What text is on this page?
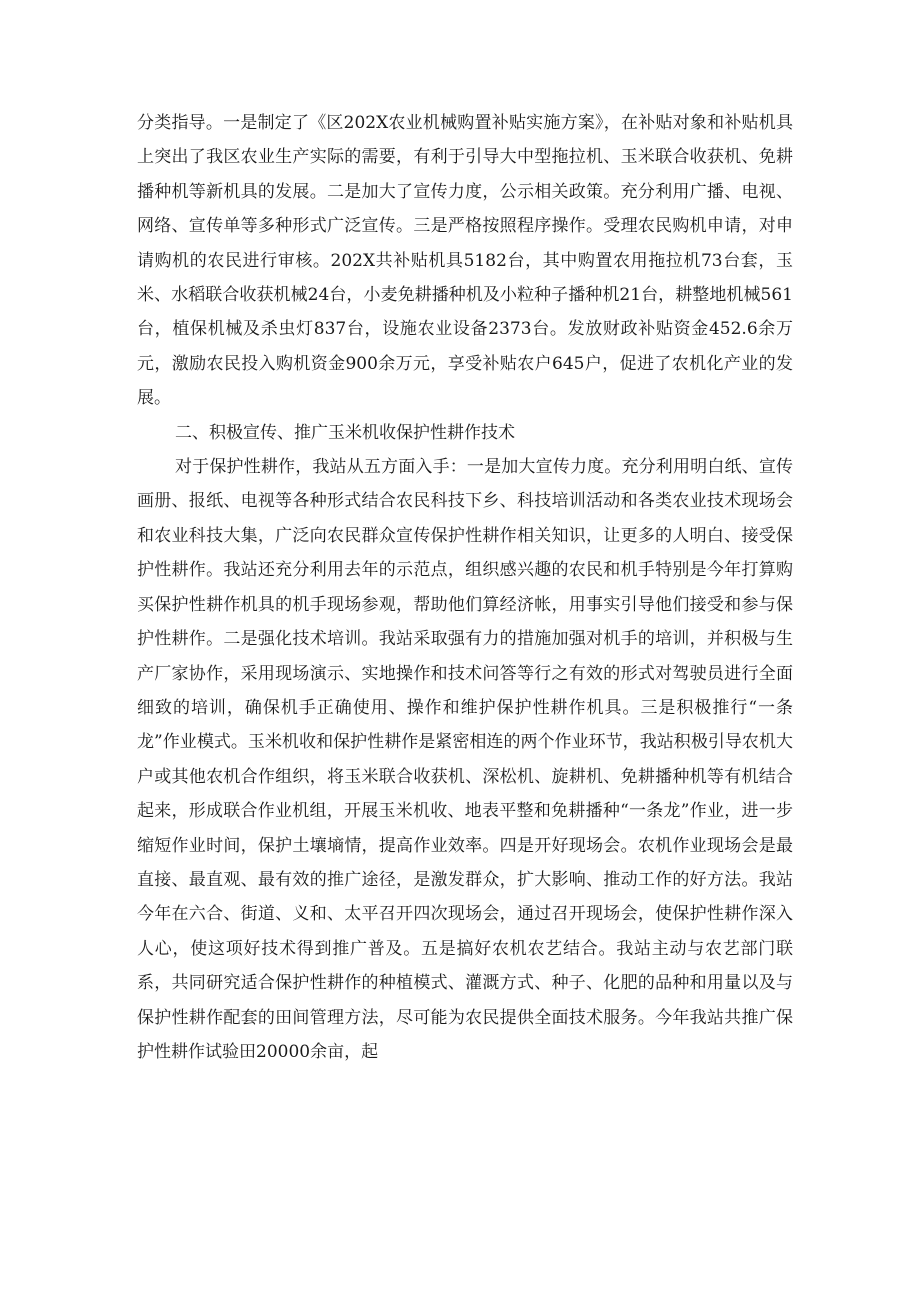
分类指导。一是制定了《区202X农业机械购置补贴实施方案》，在补贴对象和补贴机具上突出了我区农业生产实际的需要，有利于引导大中型拖拉机、玉米联合收获机、免耕播种机等新机具的发展。二是加大了宣传力度，公示相关政策。充分利用广播、电视、网络、宣传单等多种形式广泛宣传。三是严格按照程序操作。受理农民购机申请，对申请购机的农民进行审核。202X共补贴机具5182台，其中购置农用拖拉机73台套，玉米、水稻联合收获机械24台，小麦免耕播种机及小粒种子播种机21台，耕整地机械561台，植保机械及杀虫灯837台，设施农业设备2373台。发放财政补贴资金452.6余万元，激励农民投入购机资金900余万元，享受补贴农户645户，促进了农机化产业的发展。

二、积极宣传、推广玉米机收保护性耕作技术

对于保护性耕作，我站从五方面入手：一是加大宣传力度。充分利用明白纸、宣传画册、报纸、电视等各种形式结合农民科技下乡、科技培训活动和各类农业技术现场会和农业科技大集，广泛向农民群众宣传保护性耕作相关知识，让更多的人明白、接受保护性耕作。我站还充分利用去年的示范点，组织感兴趣的农民和机手特别是今年打算购买保护性耕作机具的机手现场参观，帮助他们算经济帐，用事实引导他们接受和参与保护性耕作。二是强化技术培训。我站采取强有力的措施加强对机手的培训，并积极与生产厂家协作，采用现场演示、实地操作和技术问答等行之有效的形式对驾驶员进行全面细致的培训，确保机手正确使用、操作和维护保护性耕作机具。三是积极推行“一条龙”作业模式。玉米机收和保护性耕作是紧密相连的两个作业环节，我站积极引导农机大户或其他农机合作组织，将玉米联合收获机、深松机、旋耕机、免耕播种机等有机结合起来，形成联合作业机组，开展玉米机收、地表平整和免耕播种“一条龙”作业，进一步缩短作业时间，保护土壤墒情，提高作业效率。四是开好现场会。农机作业现场会是最直接、最直观、最有效的推广途径，是激发群众，扩大影响、推动工作的好方法。我站今年在六合、街道、义和、太平召开四次现场会，通过召开现场会，使保护性耕作深入人心，使这项好技术得到推广普及。五是搞好农机农艺结合。我站主动与农艺部门联系，共同研究适合保护性耕作的种植模式、灌溉方式、种子、化肥的品种和用量以及与保护性耕作配套的田间管理方法，尽可能为农民提供全面技术服务。今年我站共推广保护性耕作试验田20000余亩，起
